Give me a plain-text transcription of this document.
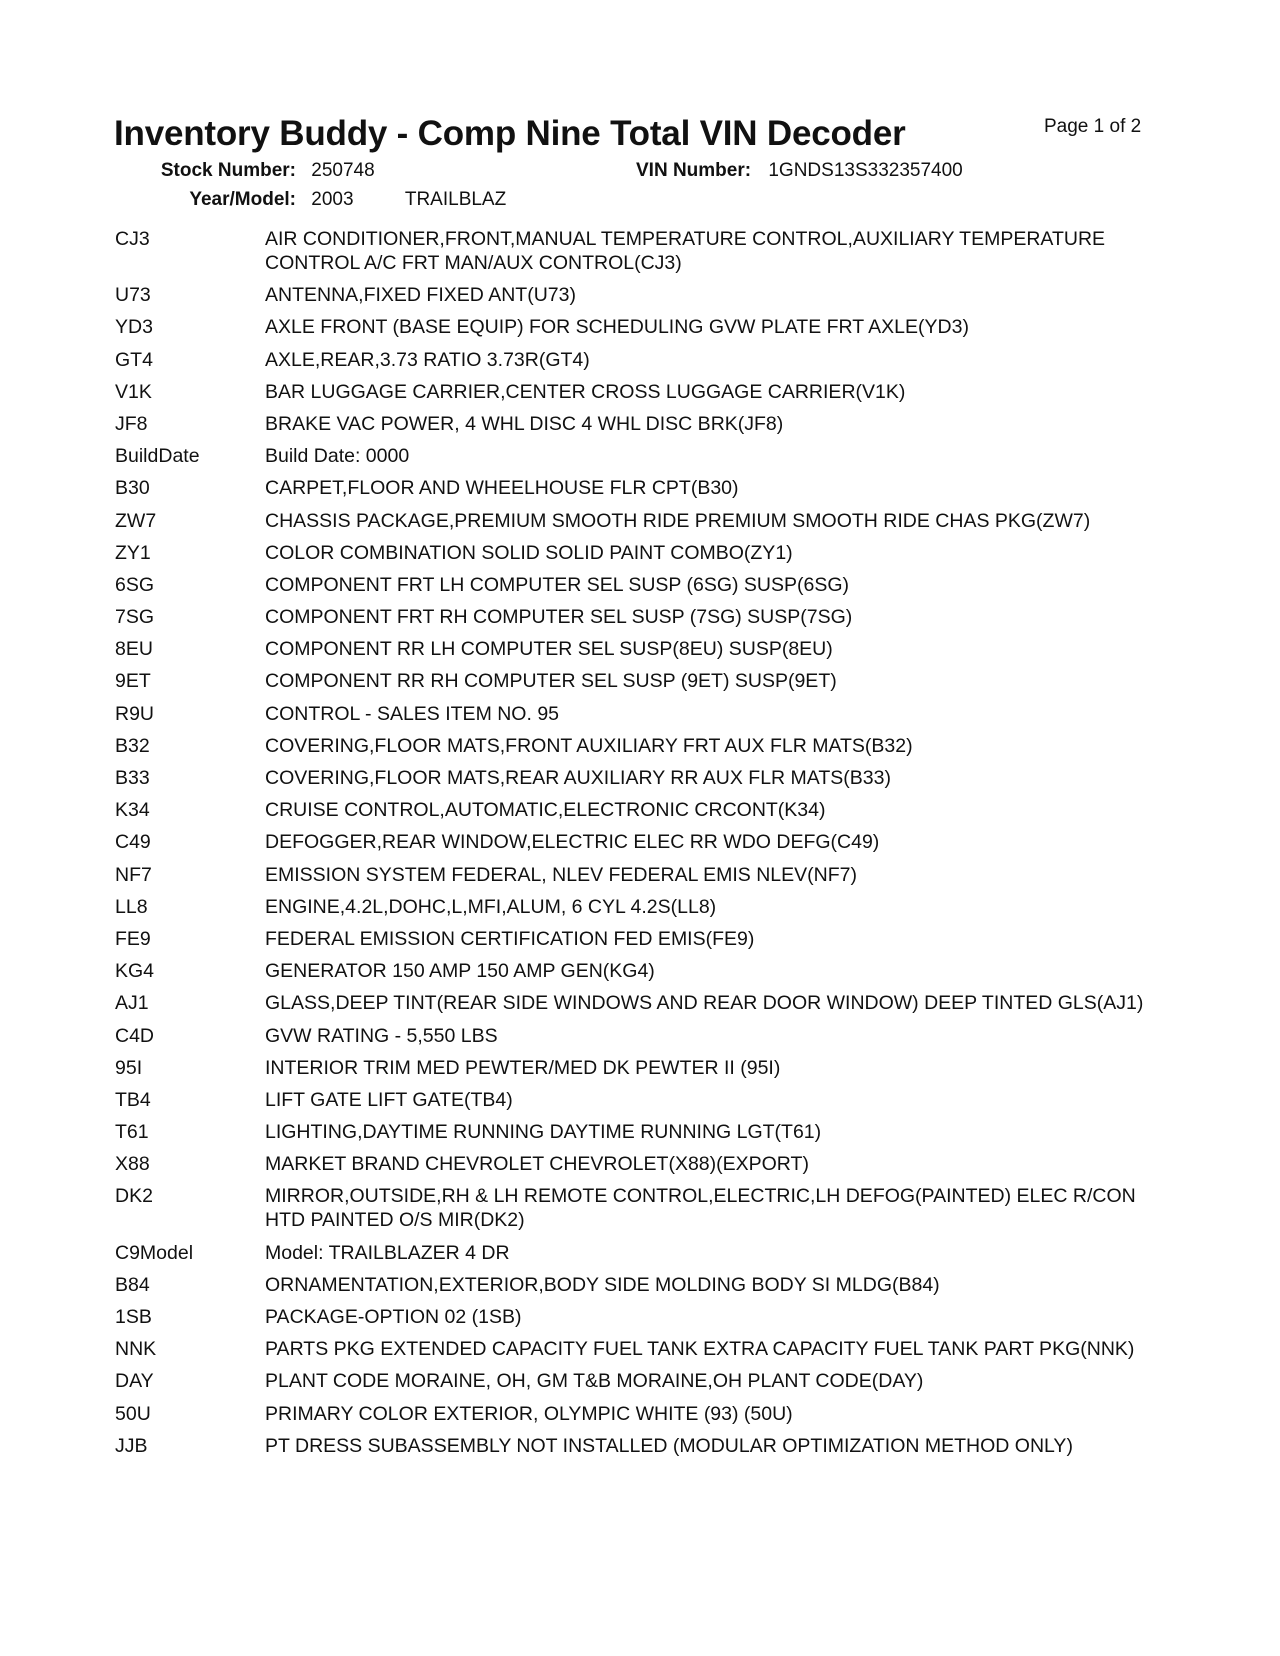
Inventory Buddy - Comp Nine Total VIN Decoder	Page 1 of 2
Stock Number: 250748	VIN Number: 1GNDS13S332357400
Year/Model: 2003	TRAILBLAZ
CJ3	AIR CONDITIONER,FRONT,MANUAL TEMPERATURE CONTROL,AUXILIARY TEMPERATURE CONTROL A/C FRT MAN/AUX CONTROL(CJ3)
U73	ANTENNA,FIXED FIXED ANT(U73)
YD3	AXLE FRONT (BASE EQUIP) FOR SCHEDULING GVW PLATE FRT AXLE(YD3)
GT4	AXLE,REAR,3.73 RATIO 3.73R(GT4)
V1K	BAR LUGGAGE CARRIER,CENTER CROSS LUGGAGE CARRIER(V1K)
JF8	BRAKE VAC POWER, 4 WHL DISC 4 WHL DISC BRK(JF8)
BuildDate	Build Date: 0000
B30	CARPET,FLOOR AND WHEELHOUSE FLR CPT(B30)
ZW7	CHASSIS PACKAGE,PREMIUM SMOOTH RIDE PREMIUM SMOOTH RIDE CHAS PKG(ZW7)
ZY1	COLOR COMBINATION SOLID SOLID PAINT COMBO(ZY1)
6SG	COMPONENT FRT LH COMPUTER SEL SUSP (6SG) SUSP(6SG)
7SG	COMPONENT FRT RH COMPUTER SEL SUSP (7SG) SUSP(7SG)
8EU	COMPONENT RR LH COMPUTER SEL SUSP(8EU) SUSP(8EU)
9ET	COMPONENT RR RH COMPUTER SEL SUSP (9ET) SUSP(9ET)
R9U	CONTROL - SALES ITEM NO. 95
B32	COVERING,FLOOR MATS,FRONT AUXILIARY FRT AUX FLR MATS(B32)
B33	COVERING,FLOOR MATS,REAR AUXILIARY RR AUX FLR MATS(B33)
K34	CRUISE CONTROL,AUTOMATIC,ELECTRONIC CRCONT(K34)
C49	DEFOGGER,REAR WINDOW,ELECTRIC ELEC RR WDO DEFG(C49)
NF7	EMISSION SYSTEM FEDERAL, NLEV FEDERAL EMIS NLEV(NF7)
LL8	ENGINE,4.2L,DOHC,L,MFI,ALUM, 6 CYL 4.2S(LL8)
FE9	FEDERAL EMISSION CERTIFICATION FED EMIS(FE9)
KG4	GENERATOR 150 AMP 150 AMP GEN(KG4)
AJ1	GLASS,DEEP TINT(REAR SIDE WINDOWS AND REAR DOOR WINDOW) DEEP TINTED GLS(AJ1)
C4D	GVW RATING - 5,550 LBS
95I	INTERIOR TRIM MED PEWTER/MED DK PEWTER II (95I)
TB4	LIFT GATE LIFT GATE(TB4)
T61	LIGHTING,DAYTIME RUNNING DAYTIME RUNNING LGT(T61)
X88	MARKET BRAND CHEVROLET CHEVROLET(X88)(EXPORT)
DK2	MIRROR,OUTSIDE,RH & LH REMOTE CONTROL,ELECTRIC,LH DEFOG(PAINTED) ELEC R/CON HTD PAINTED O/S MIR(DK2)
C9Model	Model: TRAILBLAZER 4 DR
B84	ORNAMENTATION,EXTERIOR,BODY SIDE MOLDING BODY SI MLDG(B84)
1SB	PACKAGE-OPTION 02 (1SB)
NNK	PARTS PKG EXTENDED CAPACITY FUEL TANK EXTRA CAPACITY FUEL TANK PART PKG(NNK)
DAY	PLANT CODE MORAINE, OH, GM T&B MORAINE,OH PLANT CODE(DAY)
50U	PRIMARY COLOR EXTERIOR, OLYMPIC WHITE (93) (50U)
JJB	PT DRESS SUBASSEMBLY NOT INSTALLED (MODULAR OPTIMIZATION METHOD ONLY)
